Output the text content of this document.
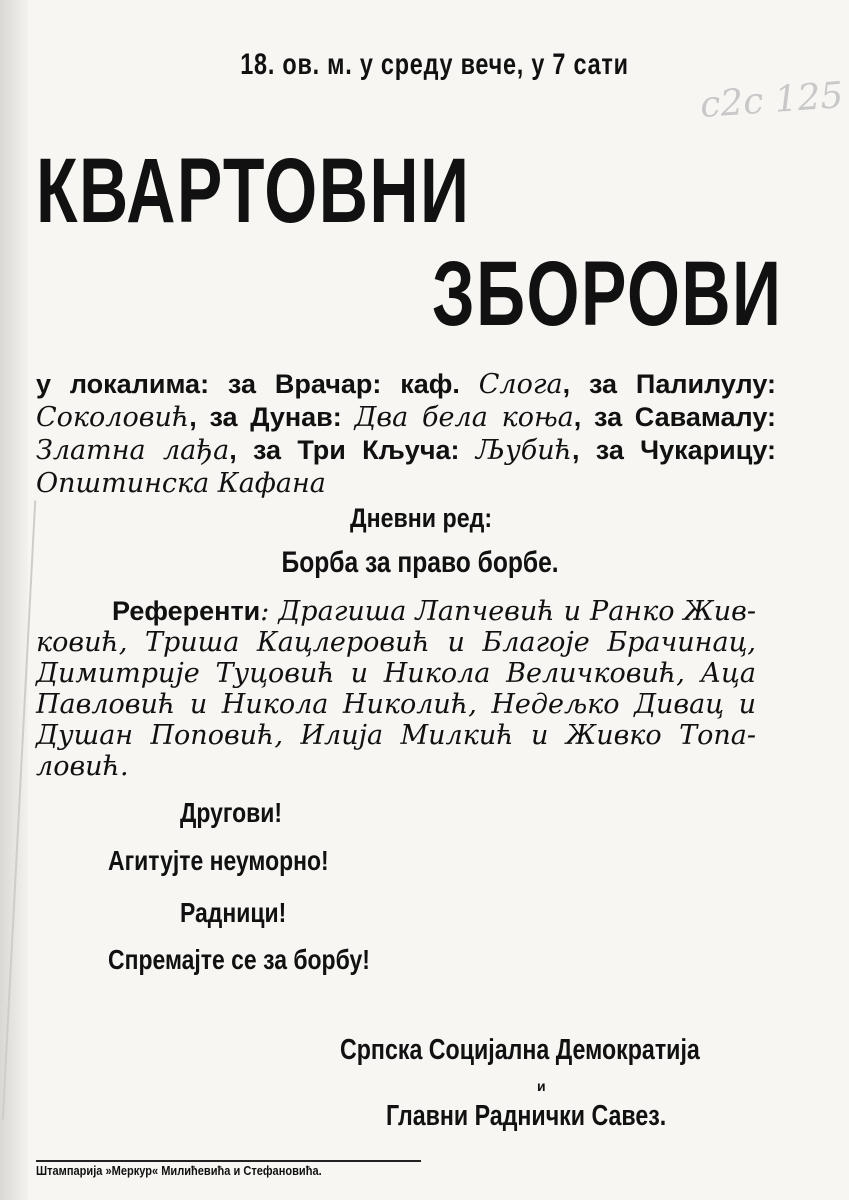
18. ов. м. у среду вече, у 7 сати
c2c 125
КВАРТОВНИ
ЗБОРОВИ
у локалима: за Врачар: каф. Слога, за Палилулу:
Соколовић, за Дунав: Два бела коња, за Савамалу:
Златна лађа, за Три Кључа: Љубић, за Чукарицу:
Општинска Кафана
Дневни ред:
Борба за право борбе.
Референти: Драгиша Лапчевић и Ранко Жив-
ковић, Триша Кацлеровић и Благоје Брачинац,
Димитрије Туцовић и Никола Величковић, Аца
Павловић и Никола Николић, Недељко Дивац и
Душан Поповић, Илија Милкић и Живко Топа-
ловић.
Другови!
Агитујте неуморно!
Радници!
Спремајте се за борбу!
Српска Социјална Демократија
и
Главни Раднички Савез.
Штампарија »Меркур« Милићевића и Стефановића.
